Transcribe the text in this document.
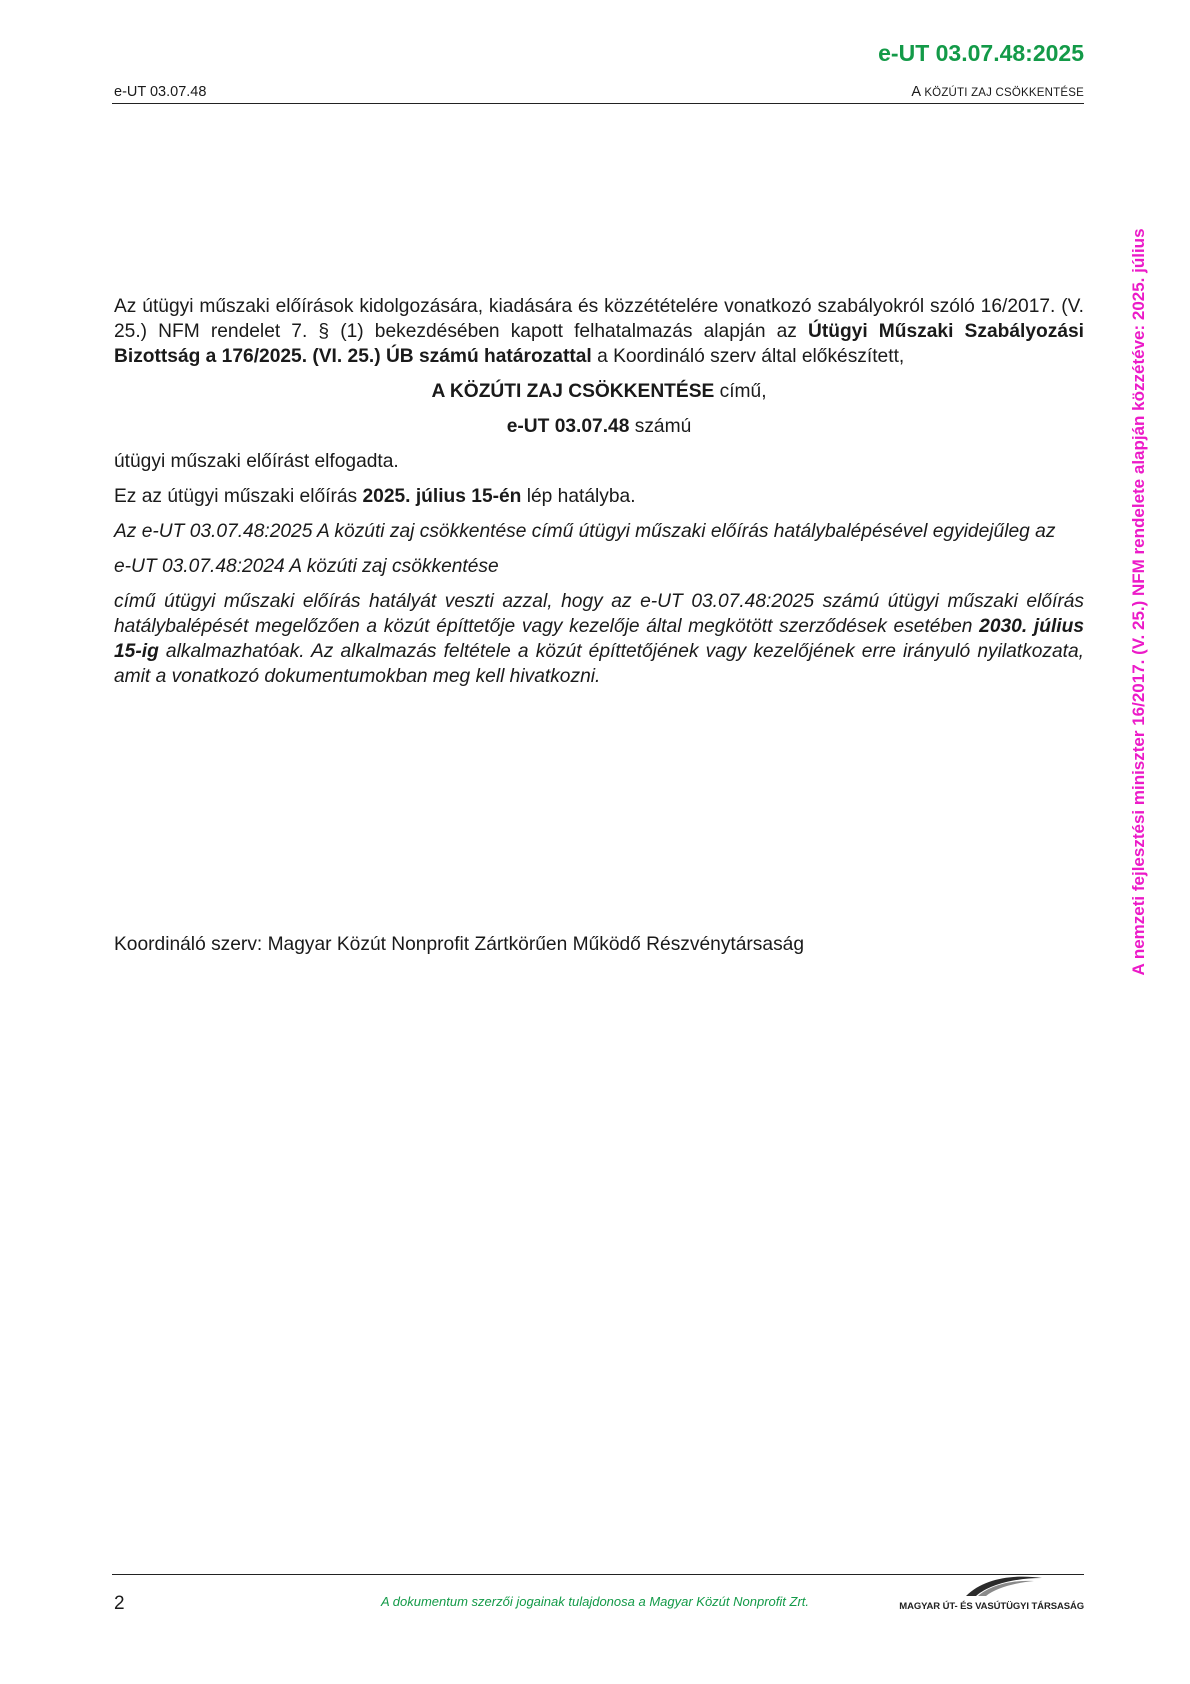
e-UT 03.07.48:2025
e-UT 03.07.48	A KÖZÚTI ZAJ CSÖKKENTÉSE
A nemzeti fejlesztési miniszter 16/2017. (V. 25.) NFM rendelete alapján közzétéve: 2025. július

Az útügyi műszaki előírások kidolgozására, kiadására és közzétételére vonatkozó szabályokról szóló 16/2017. (V. 25.) NFM rendelet 7. § (1) bekezdésében kapott felhatalmazás alapján az Útügyi Műszaki Szabályozási Bizottság a 176/2025. (VI. 25.) ÚB számú határozattal a Koordináló szerv által előkészített,

A KÖZÚTI ZAJ CSÖKKENTÉSE című,

e-UT 03.07.48 számú

útügyi műszaki előírást elfogadta.

Ez az útügyi műszaki előírás 2025. július 15-én lép hatályba.

Az e-UT 03.07.48:2025 A közúti zaj csökkentése című útügyi műszaki előírás hatálybalépésével egyidejűleg az

e-UT 03.07.48:2024 A közúti zaj csökkentése

című útügyi műszaki előírás hatályát veszti azzal, hogy az e-UT 03.07.48:2025 számú útügyi műszaki előírás hatálybalépését megelőzően a közút építtetője vagy kezelője által megkötött szerződések esetében 2030. július 15-ig alkalmazhatóak. Az alkalmazás feltétele a közút építtetőjének vagy kezelőjének erre irányuló nyilatkozata, amit a vonatkozó dokumentumokban meg kell hivatkozni.

Koordináló szerv: Magyar Közút Nonprofit Zártkörűen Működő Részvénytársaság
2	A dokumentum szerzői jogainak tulajdonosa a Magyar Közút Nonprofit Zrt.	MAGYAR ÚT- ÉS VASÚTÜGYI TÁRSASÁG
